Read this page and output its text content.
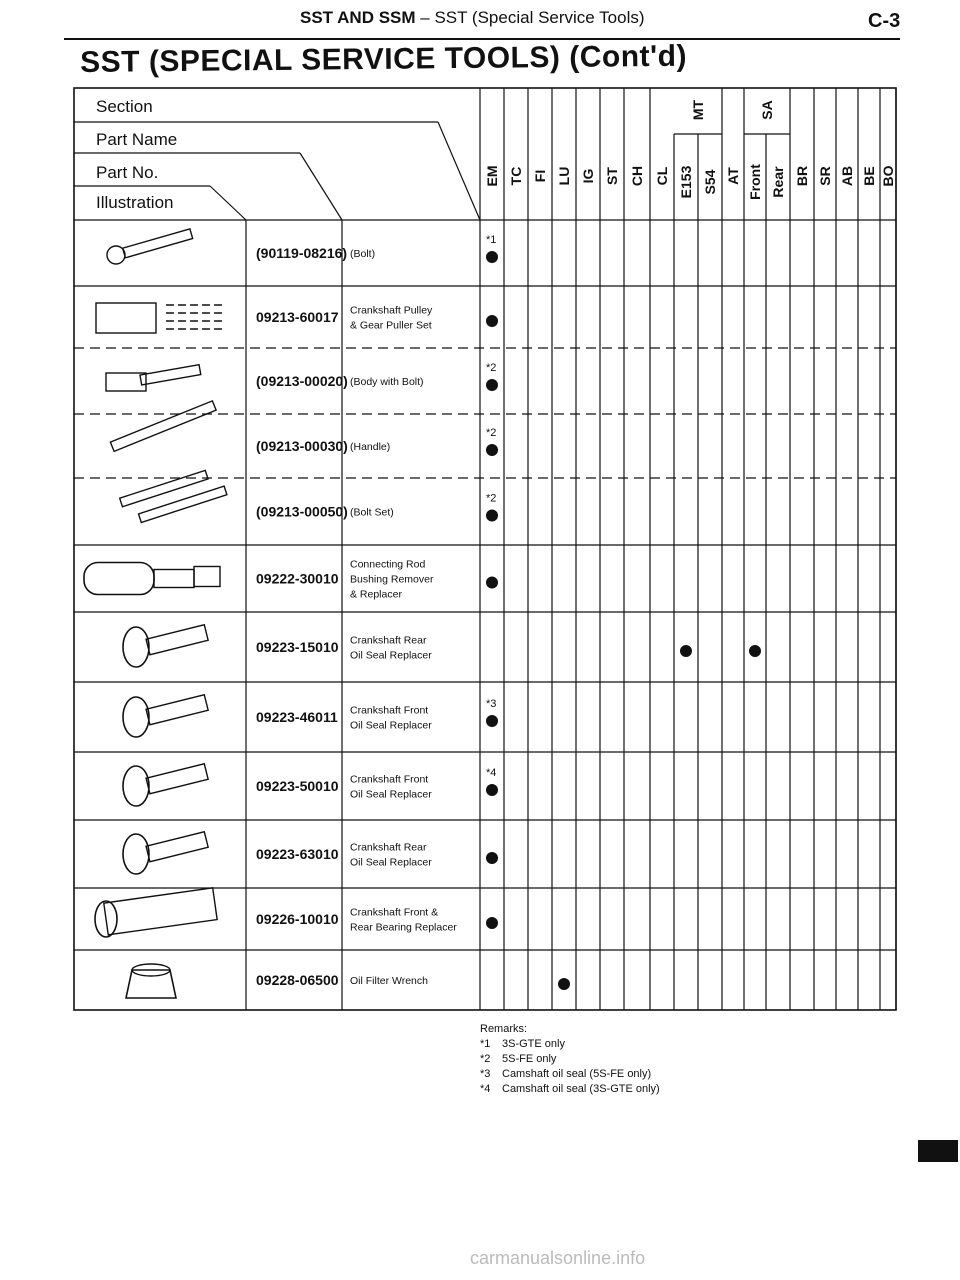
SST AND SSM – SST (Special Service Tools)	C-3
SST (SPECIAL SERVICE TOOLS) (Cont'd)
Section
Part Name
Part No.
Illustration
MT	SA
EM TC FI LU IG ST CH CL E153 S54 AT Front Rear BR SR AB BE BO
(90119-08216) (Bolt)
*1
09213-60017 Crankshaft Pulley
& Gear Puller Set
(09213-00020) (Body with Bolt)
*2
(09213-00030) (Handle)
*2
(09213-00050) (Bolt Set)
*2
09222-30010
Connecting Rod
Bushing Remover
& Replacer
09223-15010 Crankshaft Rear
Oil Seal Replacer
09223-46011 Crankshaft Front
Oil Seal Replacer
*3
09223-50010 Crankshaft Front
Oil Seal Replacer
*4
09223-63010 Crankshaft Rear
Oil Seal Replacer
09226-10010 Crankshaft Front &
Rear Bearing Replacer
09228-06500 Oil Filter Wrench
Remarks:
*1 3S-GTE only
*2 5S-FE only
*3 Camshaft oil seal (5S-FE only)
*4 Camshaft oil seal (3S-GTE only)
carmanualsonline.info
